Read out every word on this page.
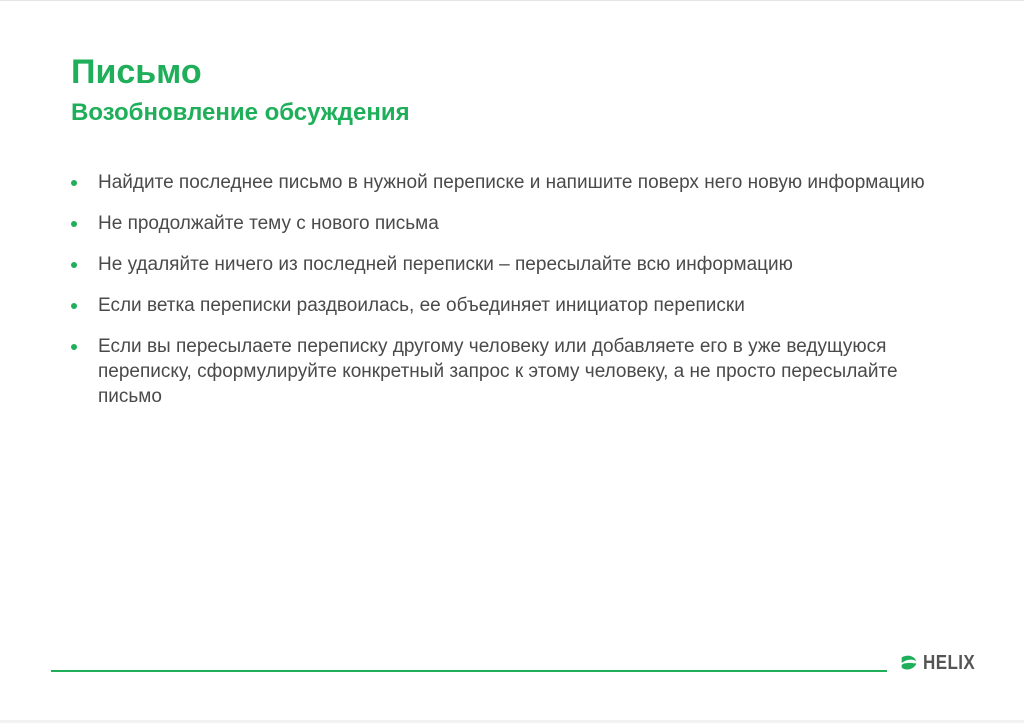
Письмо
Возобновление обсуждения
Найдите последнее письмо в нужной переписке и напишите поверх него новую информацию
Не продолжайте тему с нового письма
Не удаляйте ничего из последней переписки – пересылайте всю информацию
Если ветка переписки раздвоилась, ее объединяет инициатор переписки
Если вы пересылаете переписку другому человеку или добавляете его в уже ведущуюся переписку, сформулируйте конкретный запрос к этому человеку, а не просто пересылайте письмо
HELIX
